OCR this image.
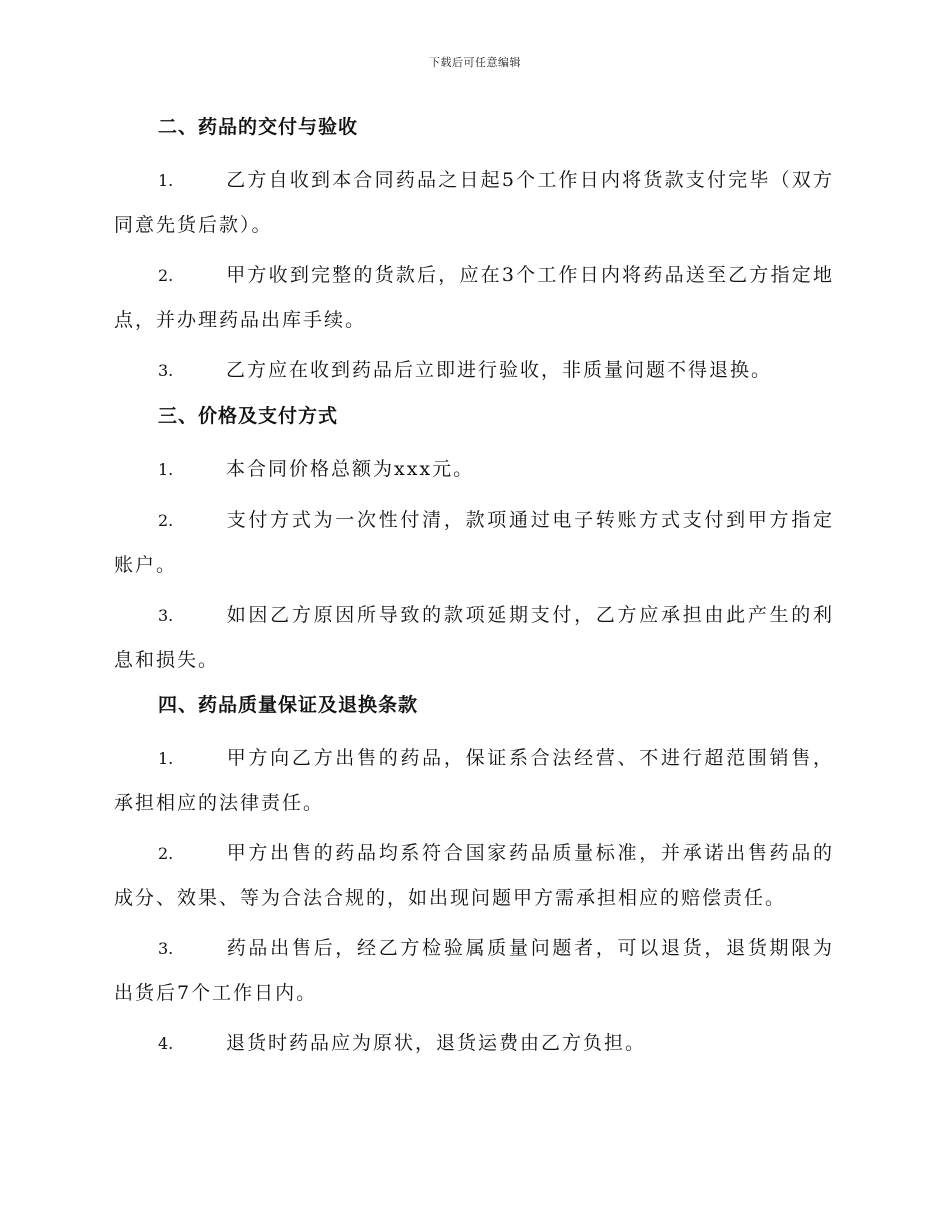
下载后可任意编辑
二、药品的交付与验收

1.	乙方自收到本合同药品之日起5个工作日内将货款支付完毕（双方同意先货后款）。

2.	甲方收到完整的货款后，应在3个工作日内将药品送至乙方指定地点，并办理药品出库手续。

3.	乙方应在收到药品后立即进行验收，非质量问题不得退换。

三、价格及支付方式

1.	本合同价格总额为xxx元。

2.	支付方式为一次性付清，款项通过电子转账方式支付到甲方指定账户。

3.	如因乙方原因所导致的款项延期支付，乙方应承担由此产生的利息和损失。

四、药品质量保证及退换条款

1.	甲方向乙方出售的药品，保证系合法经营、不进行超范围销售，承担相应的法律责任。

2.	甲方出售的药品均系符合国家药品质量标准，并承诺出售药品的成分、效果、等为合法合规的，如出现问题甲方需承担相应的赔偿责任。

3.	药品出售后，经乙方检验属质量问题者，可以退货，退货期限为出货后7个工作日内。

4.	退货时药品应为原状，退货运费由乙方负担。
